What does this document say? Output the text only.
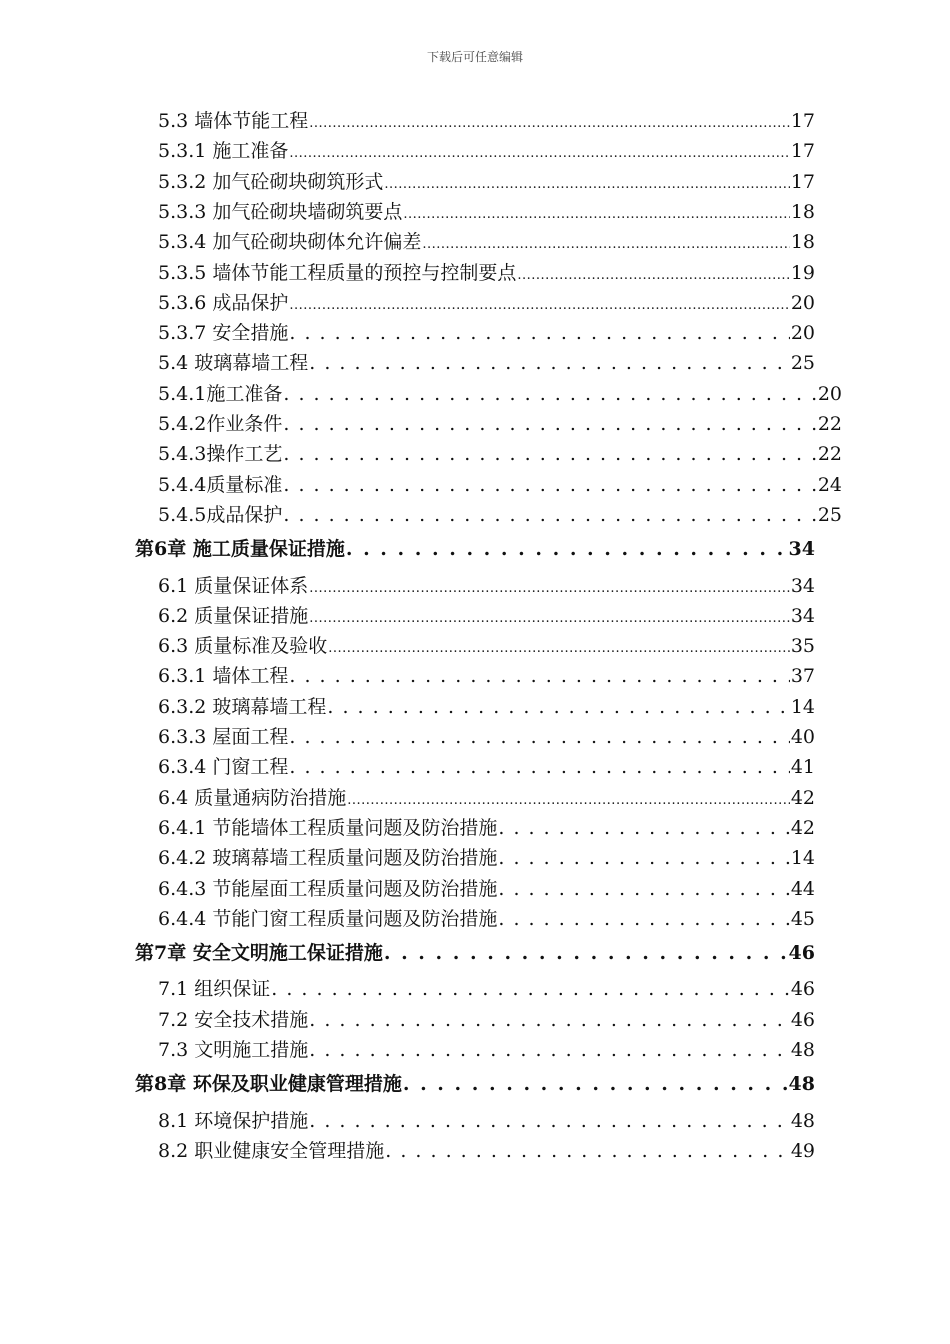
下载后可任意编辑
5.3 墙体节能工程 .....	17
5.3.1 施工准备 .....	17
5.3.2 加气砼砌块砌筑形式 .....	17
5.3.3 加气砼砌块墙砌筑要点 .....	18
5.3.4 加气砼砌块砌体允许偏差 .....	18
5.3.5 墙体节能工程质量的预控与控制要点 .....	19
5.3.6 成品保护 .....	20
5.3.7 安全措施 . . .	20
5.4 玻璃幕墙工程 . . .	25
5.4.1施工准备 . . .	20
5.4.2作业条件 . . .	22
5.4.3操作工艺 . . .	22
5.4.4质量标准 . . .	24
5.4.5成品保护 . . .	25
第6章 施工质量保证措施 . . .	34
6.1 质量保证体系 .....	34
6.2 质量保证措施 .....	34
6.3 质量标准及验收 .....	35
6.3.1 墙体工程 . . .	37
6.3.2 玻璃幕墙工程 . . .	14
6.3.3 屋面工程 . . .	40
6.3.4 门窗工程 . . .	41
6.4 质量通病防治措施 .....	42
6.4.1 节能墙体工程质量问题及防治措施 . . .	42
6.4.2 玻璃幕墙工程质量问题及防治措施 . . .	14
6.4.3 节能屋面工程质量问题及防治措施 . . .	44
6.4.4 节能门窗工程质量问题及防治措施 . . .	45
第7章 安全文明施工保证措施 . . .	46
7.1 组织保证 . . .	46
7.2 安全技术措施 . . .	46
7.3 文明施工措施 . . .	48
第8章 环保及职业健康管理措施 . . .	48
8.1 环境保护措施 . . .	48
8.2 职业健康安全管理措施 . . .	49
